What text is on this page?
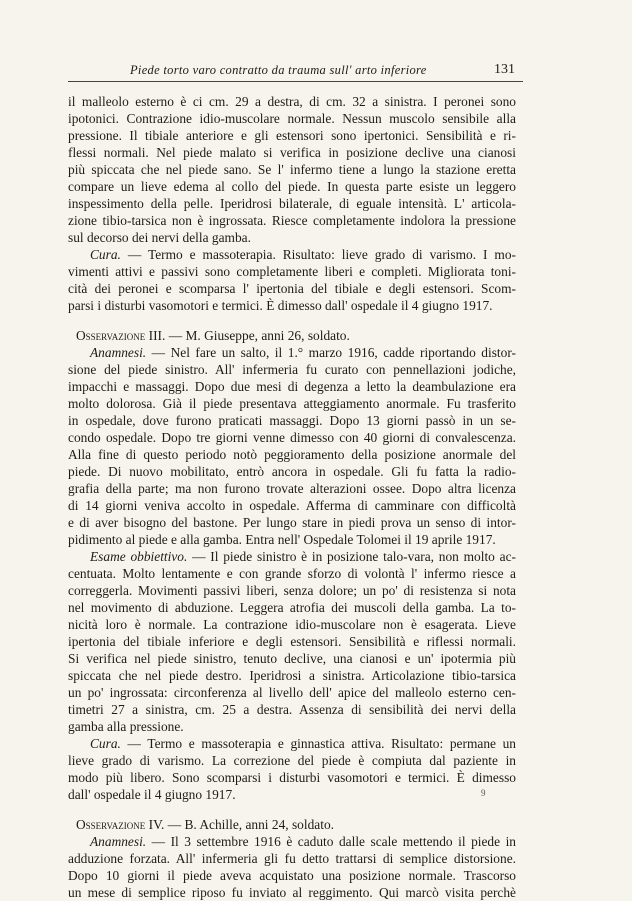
Piede torto varo contratto da trauma sull' arto inferiore	131
il malleolo esterno è ci cm. 29 a destra, di cm. 32 a sinistra. I peronei sono
ipotonici. Contrazione idio-muscolare normale. Nessun muscolo sensibile alla
pressione. Il tibiale anteriore e gli estensori sono ipertonici. Sensibilità e ri-
flessi normali. Nel piede malato si verifica in posizione declive una cianosi
più spiccata che nel piede sano. Se l' infermo tiene a lungo la stazione eretta
compare un lieve edema al collo del piede. In questa parte esiste un leggero
inspessimento della pelle. Iperidrosi bilaterale, di eguale intensità. L' articola-
zione tibio-tarsica non è ingrossata. Riesce completamente indolora la pressione
sul decorso dei nervi della gamba.
Cura. — Termo e massoterapia. Risultato: lieve grado di varismo. I mo-
vimenti attivi e passivi sono completamente liberi e completi. Migliorata toni-
cità dei peronei e scomparsa l' ipertonia del tibiale e degli estensori. Scom-
parsi i disturbi vasomotori e termici. È dimesso dall' ospedale il 4 giugno 1917.
Osservazione III. — M. Giuseppe, anni 26, soldato.
Anamnesi. — Nel fare un salto, il 1.° marzo 1916, cadde riportando distor-
sione del piede sinistro. All' infermeria fu curato con pennellazioni jodiche,
impacchi e massaggi. Dopo due mesi di degenza a letto la deambulazione era
molto dolorosa. Già il piede presentava atteggiamento anormale. Fu trasferito
in ospedale, dove furono praticati massaggi. Dopo 13 giorni passò in un se-
condo ospedale. Dopo tre giorni venne dimesso con 40 giorni di convalescenza.
Alla fine di questo periodo notò peggioramento della posizione anormale del
piede. Di nuovo mobilitato, entrò ancora in ospedale. Gli fu fatta la radio-
grafia della parte; ma non furono trovate alterazioni ossee. Dopo altra licenza
di 14 giorni veniva accolto in ospedale. Afferma di camminare con difficoltà
e di aver bisogno del bastone. Per lungo stare in piedi prova un senso di intor-
pidimento al piede e alla gamba. Entra nell' Ospedale Tolomei il 19 aprile 1917.
Esame obbiettivo. — Il piede sinistro è in posizione talo-vara, non molto ac-
centuata. Molto lentamente e con grande sforzo di volontà l' infermo riesce a
correggerla. Movimenti passivi liberi, senza dolore; un po' di resistenza si nota
nel movimento di abduzione. Leggera atrofia dei muscoli della gamba. La to-
nicità loro è normale. La contrazione idio-muscolare non è esagerata. Lieve
ipertonia del tibiale inferiore e degli estensori. Sensibilità e riflessi normali.
Si verifica nel piede sinistro, tenuto declive, una cianosi e un' ipotermia più
spiccata che nel piede destro. Iperidrosi a sinistra. Articolazione tibio-tarsica
un po' ingrossata: circonferenza al livello dell' apice del malleolo esterno cen-
timetri 27 a sinistra, cm. 25 a destra. Assenza di sensibilità dei nervi della
gamba alla pressione.
Cura. — Termo e massoterapia e ginnastica attiva. Risultato: permane un
lieve grado di varismo. La correzione del piede è compiuta dal paziente in
modo più libero. Sono scomparsi i disturbi vasomotori e termici. È dimesso
dall' ospedale il 4 giugno 1917.
Osservazione IV. — B. Achille, anni 24, soldato.
Anamnesi. — Il 3 settembre 1916 è caduto dalle scale mettendo il piede in
adduzione forzata. All' infermeria gli fu detto trattarsi di semplice distorsione.
Dopo 10 giorni il piede aveva acquistato una posizione normale. Trascorso
un mese di semplice riposo fu inviato al reggimento. Qui marcò visita perchè
9
